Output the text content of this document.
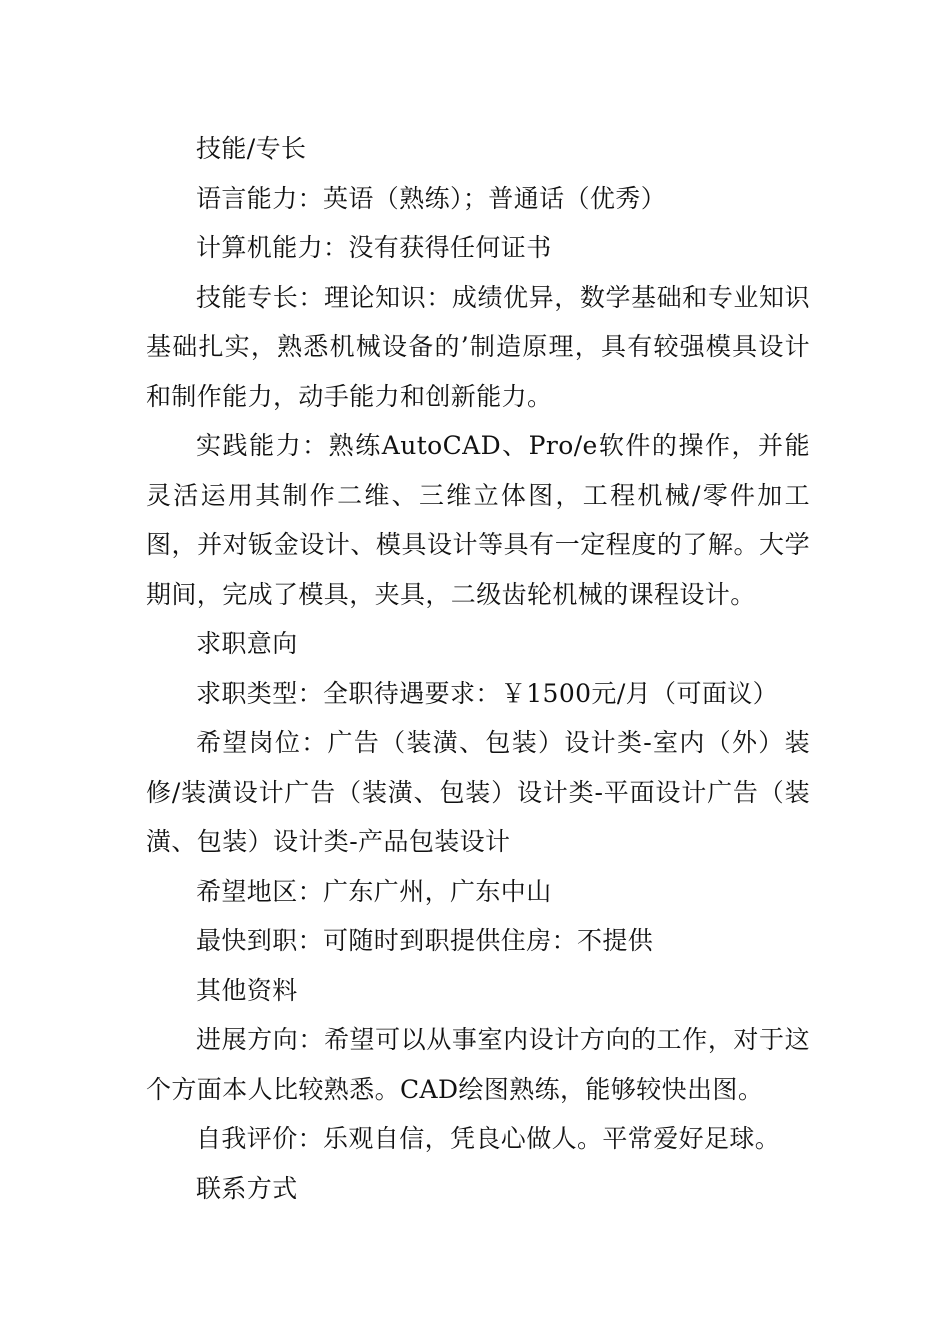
技能/专长

语言能力：英语（熟练）；普通话（优秀）

计算机能力：没有获得任何证书

技能专长：理论知识：成绩优异，数学基础和专业知识基础扎实，熟悉机械设备的’制造原理，具有较强模具设计和制作能力，动手能力和创新能力。

实践能力：熟练AutoCAD、Pro/e软件的操作，并能灵活运用其制作二维、三维立体图，工程机械/零件加工图，并对钣金设计、模具设计等具有一定程度的了解。大学期间，完成了模具，夹具，二级齿轮机械的课程设计。

求职意向

求职类型：全职待遇要求：￥1500元/月（可面议）

希望岗位：广告（装潢、包装）设计类-室内（外）装修/装潢设计广告（装潢、包装）设计类-平面设计广告（装潢、包装）设计类-产品包装设计

希望地区：广东广州，广东中山

最快到职：可随时到职提供住房：不提供

其他资料

进展方向：希望可以从事室内设计方向的工作，对于这个方面本人比较熟悉。CAD绘图熟练，能够较快出图。

自我评价：乐观自信，凭良心做人。平常爱好足球。

联系方式
